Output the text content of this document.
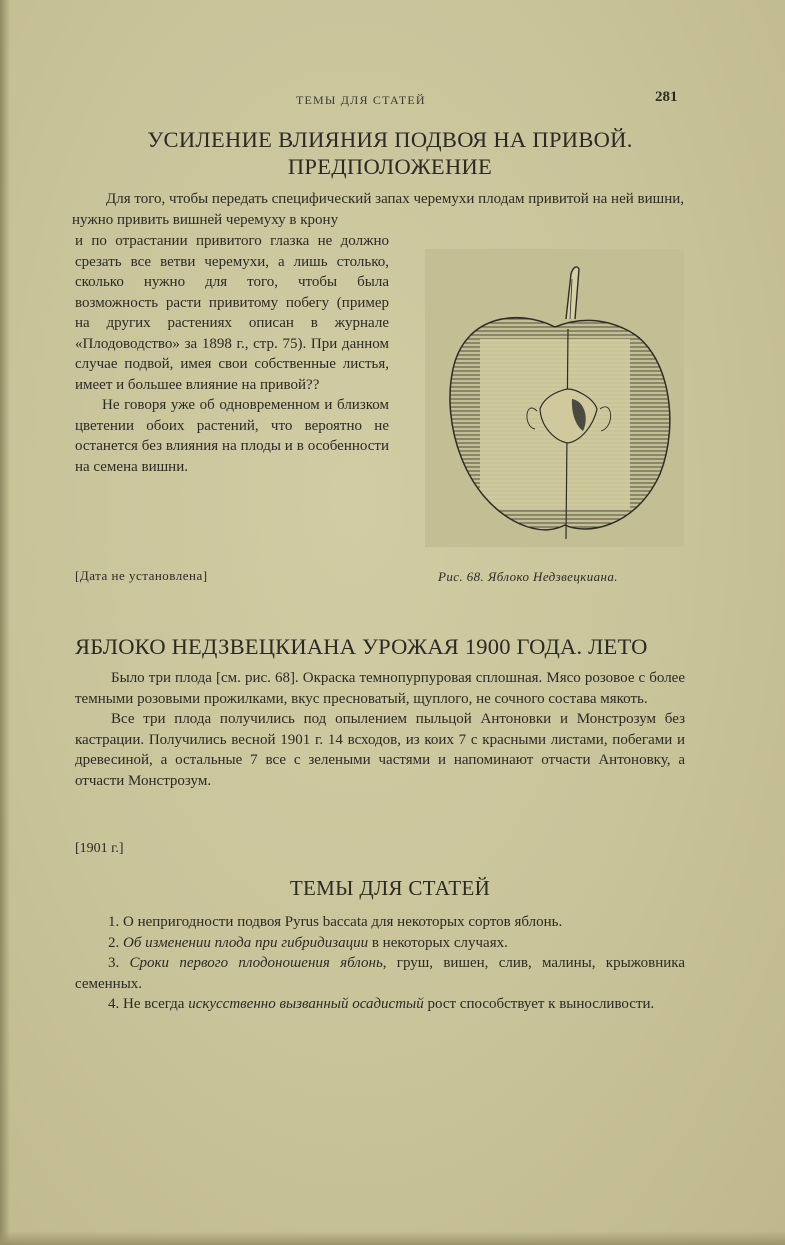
ТЕМЫ ДЛЯ СТАТЕЙ	281
УСИЛЕНИЕ ВЛИЯНИЯ ПОДВОЯ НА ПРИВОЙ.
ПРЕДПОЛОЖЕНИЕ

Для того, чтобы передать специфический запах черемухи плодам привитой на ней вишни, нужно привить вишней черемуху в крону

и по отрастании привитого глазка не должно срезать все ветви черемухи, а лишь столько, сколько нужно для того, чтобы была возможность расти привитому побегу (пример на других растениях описан в журнале «Плодоводство» за 1898 г., стр. 75). При данном случае подвой, имея свои собственные листья, имеет и большее влияние на привой??

Не говоря уже об одновременном и близком цветении обоих растений, что вероятно не останется без влияния на плоды и в особенности на семена вишни.

[Дата не установлена]	Рис. 68. Яблоко Недзвецкиана.
ЯБЛОКО НЕДЗВЕЦКИАНА УРОЖАЯ 1900 ГОДА. ЛЕТО

Было три плода [см. рис. 68]. Окраска темнопурпуровая сплошная. Мясо розовое с более темными розовыми прожилками, вкус пресноватый, щуплого, не сочного состава мякоть.

Все три плода получились под опылением пыльцой Антоновки и Монстрозум без кастрации. Получились весной 1901 г. 14 всходов, из коих 7 с красными листами, побегами и древесиной, а остальные 7 все с зелеными частями и напоминают отчасти Антоновку, а отчасти Монстрозум.

[1901 г.]
ТЕМЫ ДЛЯ СТАТЕЙ

1. О непригодности подвоя Pyrus baccata для некоторых сортов яблонь.

2. Об изменении плода при гибридизации в некоторых случаях.

3. Сроки первого плодоношения яблонь, груш, вишен, слив, малины, крыжовника семенных.

4. Не всегда искусственно вызванный осадистый рост способствует к выносливости.
